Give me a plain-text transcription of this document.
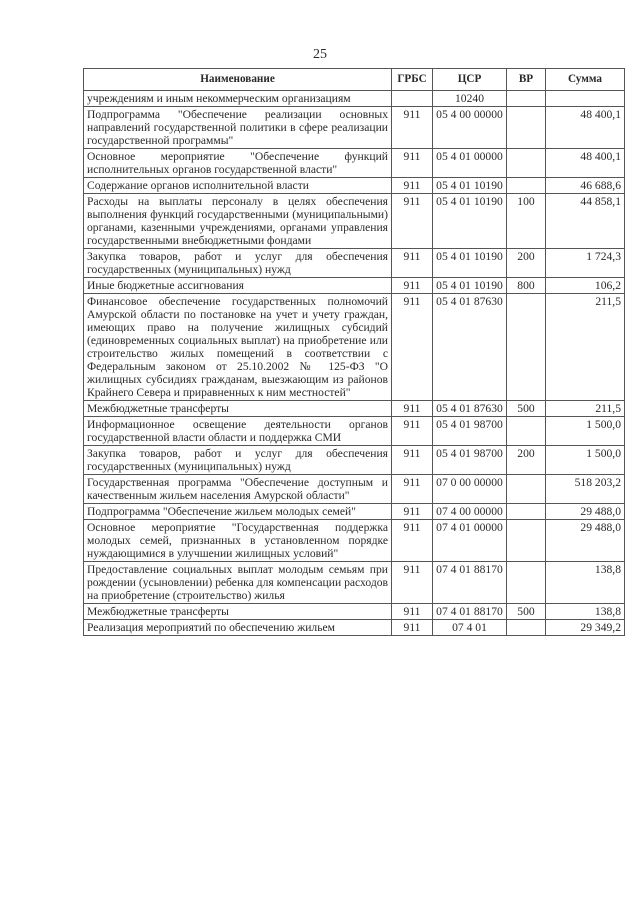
25
Наименование	ГРБС	ЦСР	ВР	Сумма
учреждениям и иным некоммерческим организациям		10240		
Подпрограмма "Обеспечение реализации основных направлений государственной политики в сфере реализации государственной программы"	911	05 4 00 00000		48 400,1
Основное мероприятие "Обеспечение функций исполнительных органов государственной власти"	911	05 4 01 00000		48 400,1
Содержание органов исполнительной власти	911	05 4 01 10190		46 688,6
Расходы на выплаты персоналу в целях обеспечения выполнения функций государственными (муниципальными) органами, казенными учреждениями, органами управления государственными внебюджетными фондами	911	05 4 01 10190	100	44 858,1
Закупка товаров, работ и услуг для обеспечения государственных (муниципальных) нужд	911	05 4 01 10190	200	1 724,3
Иные бюджетные ассигнования	911	05 4 01 10190	800	106,2
Финансовое обеспечение государственных полномочий Амурской области по постановке на учет и учету граждан, имеющих право на получение жилищных субсидий (единовременных социальных выплат) на приобретение или строительство жилых помещений в соответствии с Федеральным законом от 25.10.2002 № 125-ФЗ "О жилищных субсидиях гражданам, выезжающим из районов Крайнего Севера и приравненных к ним местностей"	911	05 4 01 87630		211,5
Межбюджетные трансферты	911	05 4 01 87630	500	211,5
Информационное освещение деятельности органов государственной власти области и поддержка СМИ	911	05 4 01 98700		1 500,0
Закупка товаров, работ и услуг для обеспечения государственных (муниципальных) нужд	911	05 4 01 98700	200	1 500,0
Государственная программа "Обеспечение доступным и качественным жильем населения Амурской области"	911	07 0 00 00000		518 203,2
Подпрограмма "Обеспечение жильем молодых семей"	911	07 4 00 00000		29 488,0
Основное мероприятие "Государственная поддержка молодых семей, признанных в установленном порядке нуждающимися в улучшении жилищных условий"	911	07 4 01 00000		29 488,0
Предоставление социальных выплат молодым семьям при рождении (усыновлении) ребенка для компенсации расходов на приобретение (строительство) жилья	911	07 4 01 88170		138,8
Межбюджетные трансферты	911	07 4 01 88170	500	138,8
Реализация мероприятий по обеспечению жильем	911	07 4 01		29 349,2
